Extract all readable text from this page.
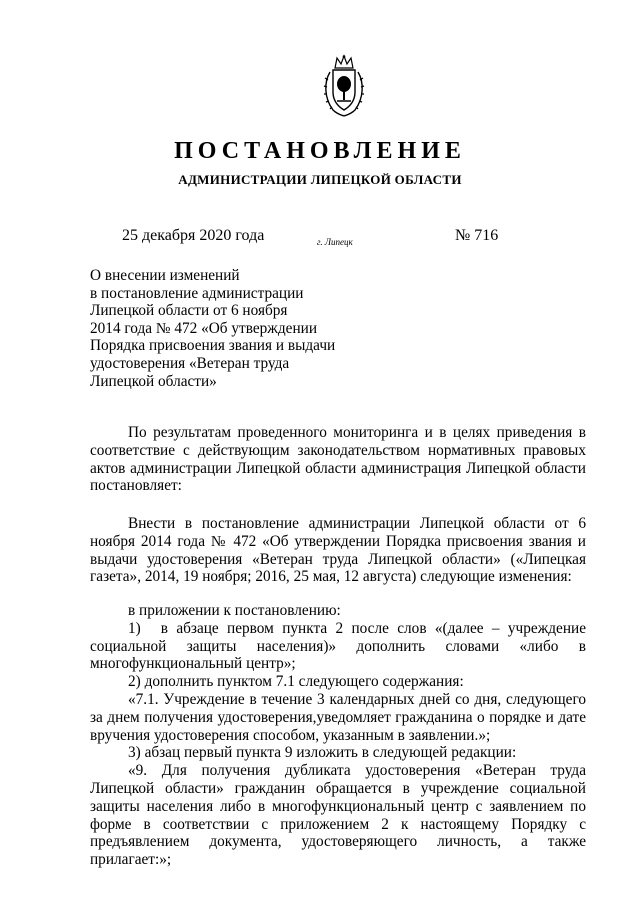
ПОСТАНОВЛЕНИЕ
АДМИНИСТРАЦИИ ЛИПЕЦКОЙ ОБЛАСТИ
25 декабря 2020 года	г. Липецк	№ 716
О внесении изменений
в постановление администрации
Липецкой области от 6 ноября
2014 года № 472 «Об утверждении
Порядка присвоения звания и выдачи
удостоверения «Ветеран труда
Липецкой области»
По результатам проведенного мониторинга и в целях приведения в соответствие с действующим законодательством нормативных правовых актов администрации Липецкой области администрация Липецкой области постановляет:
Внести в постановление администрации Липецкой области от 6 ноября 2014 года № 472 «Об утверждении Порядка присвоения звания и выдачи удостоверения «Ветеран труда Липецкой области» («Липецкая газета», 2014, 19 ноября; 2016, 25 мая, 12 августа) следующие изменения:
в приложении к постановлению:
1) в абзаце первом пункта 2 после слов «(далее – учреждение
социальной защиты населения)» дополнить словами «либо в
многофункциональный центр»;
2) дополнить пунктом 7.1 следующего содержания:
«7.1. Учреждение в течение 3 календарных дней со дня, следующего за днем получения удостоверения,уведомляет гражданина о порядке и дате вручения удостоверения способом, указанным в заявлении.»;
3) абзац первый пункта 9 изложить в следующей редакции:
«9. Для получения дубликата удостоверения «Ветеран труда Липецкой области» гражданин обращается в учреждение социальной защиты населения либо в многофункциональный центр с заявлением по форме в соответствии с приложением 2 к настоящему Порядку с предъявлением документа, удостоверяющего личность, а также прилагает:»;
